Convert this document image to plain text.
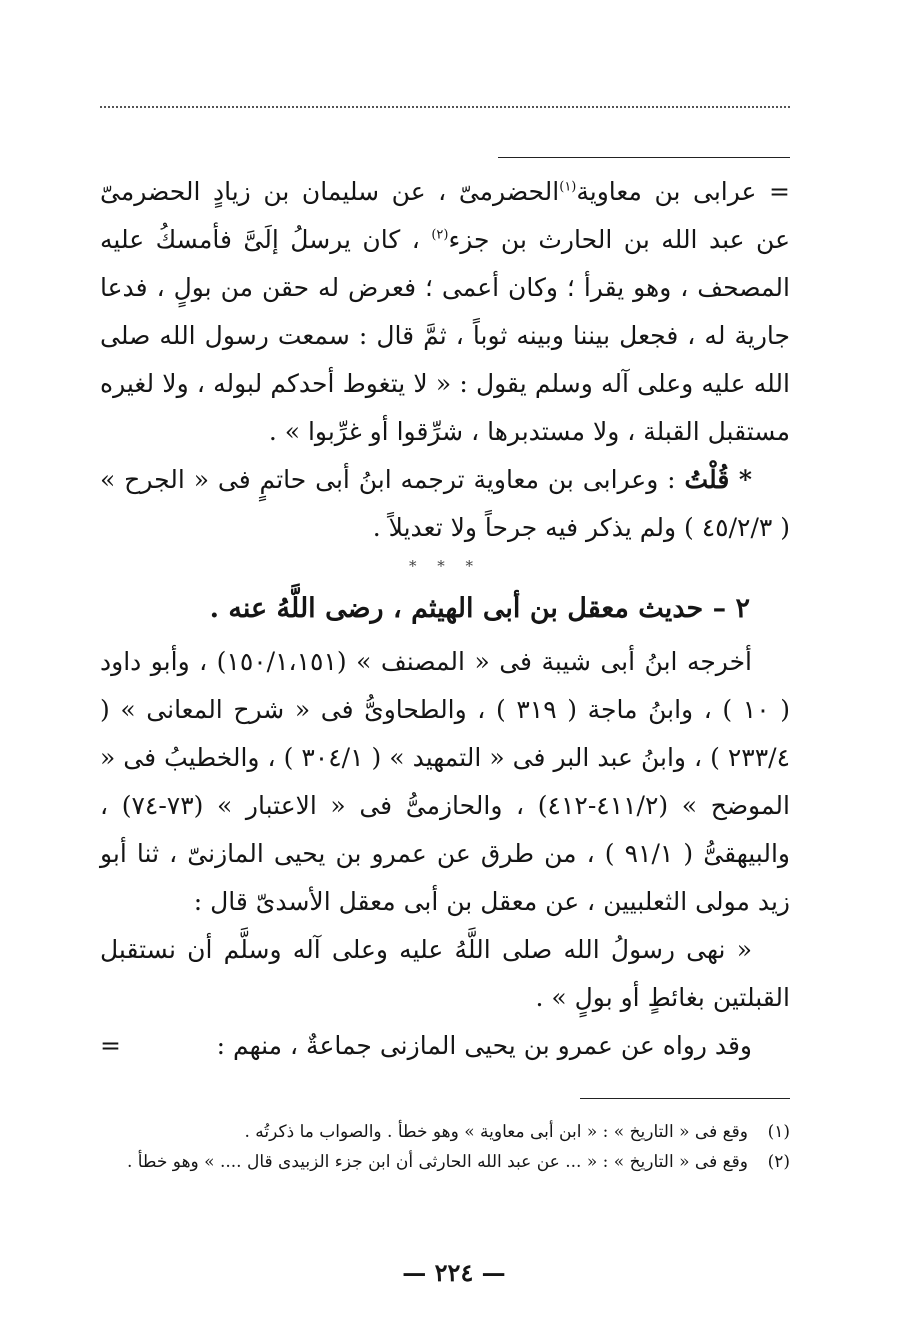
= عرابى بن معاوية$^{(١)}$الحضرمىّ ، عن سليمان بن زيادٍ الحضرمىّ عن عبد الله بن الحارث بن جزء$^{(٢)}$ ، كان يرسلُ إلَىَّ فأمسكُ عليه المصحف ، وهو يقرأ ؛ وكان أعمى ؛ فعرض له حقن من بولٍ ، فدعا جارية له ، فجعل بيننا وبينه ثوباً ، ثمَّ قال : سمعت رسول الله صلى الله عليه وعلى آله وسلم يقول : « لا يتغوط أحدكم لبوله ، ولا لغيره مستقبل القبلة ، ولا مستدبرها ، شرِّقوا أو غرِّبوا » .

* قُلْتُ : وعرابى بن معاوية ترجمه ابنُ أبى حاتمٍ فى « الجرح » ( ٤٥/٢/٣ ) ولم يذكر فيه جرحاً ولا تعديلاً .

* * *

٢ – حديث معقل بن أبى الهيثم ، رضى اللَّهُ عنه .

أخرجه ابنُ أبى شيبة فى « المصنف » (١٥٠/١،١٥١) ، وأبو داود ( ١٠ ) ، وابنُ ماجة ( ٣١٩ ) ، والطحاوىُّ فى « شرح المعانى » ( ٢٣٣/٤ ) ، وابنُ عبد البر فى « التمهيد » ( ٣٠٤/١ ) ، والخطيبُ فى « الموضح » (٤١١/٢-٤١٢) ، والحازمىُّ فى « الاعتبار » (٧٣-٧٤) ، والبيهقىُّ ( ٩١/١ ) ، من طرق عن عمرو بن يحيى المازنىّ ، ثنا أبو زيد مولى الثعلبيين ، عن معقل بن أبى معقل الأسدىّ قال :

« نهى رسولُ الله صلى اللَّهُ عليه وعلى آله وسلَّم أن نستقبل القبلتين بغائطٍ أو بولٍ » .

وقد رواه عن عمرو بن يحيى المازنى جماعةٌ ، منهم :
=

(١)وقع فى « التاريخ » : « ابن أبى معاوية » وهو خطأ . والصواب ما ذكرتُه .

(٢)وقع فى « التاريخ » : « ... عن عبد الله الحارثى أن ابن جزء الزبيدى قال .... » وهو خطأ .

— ٢٢٤ —
